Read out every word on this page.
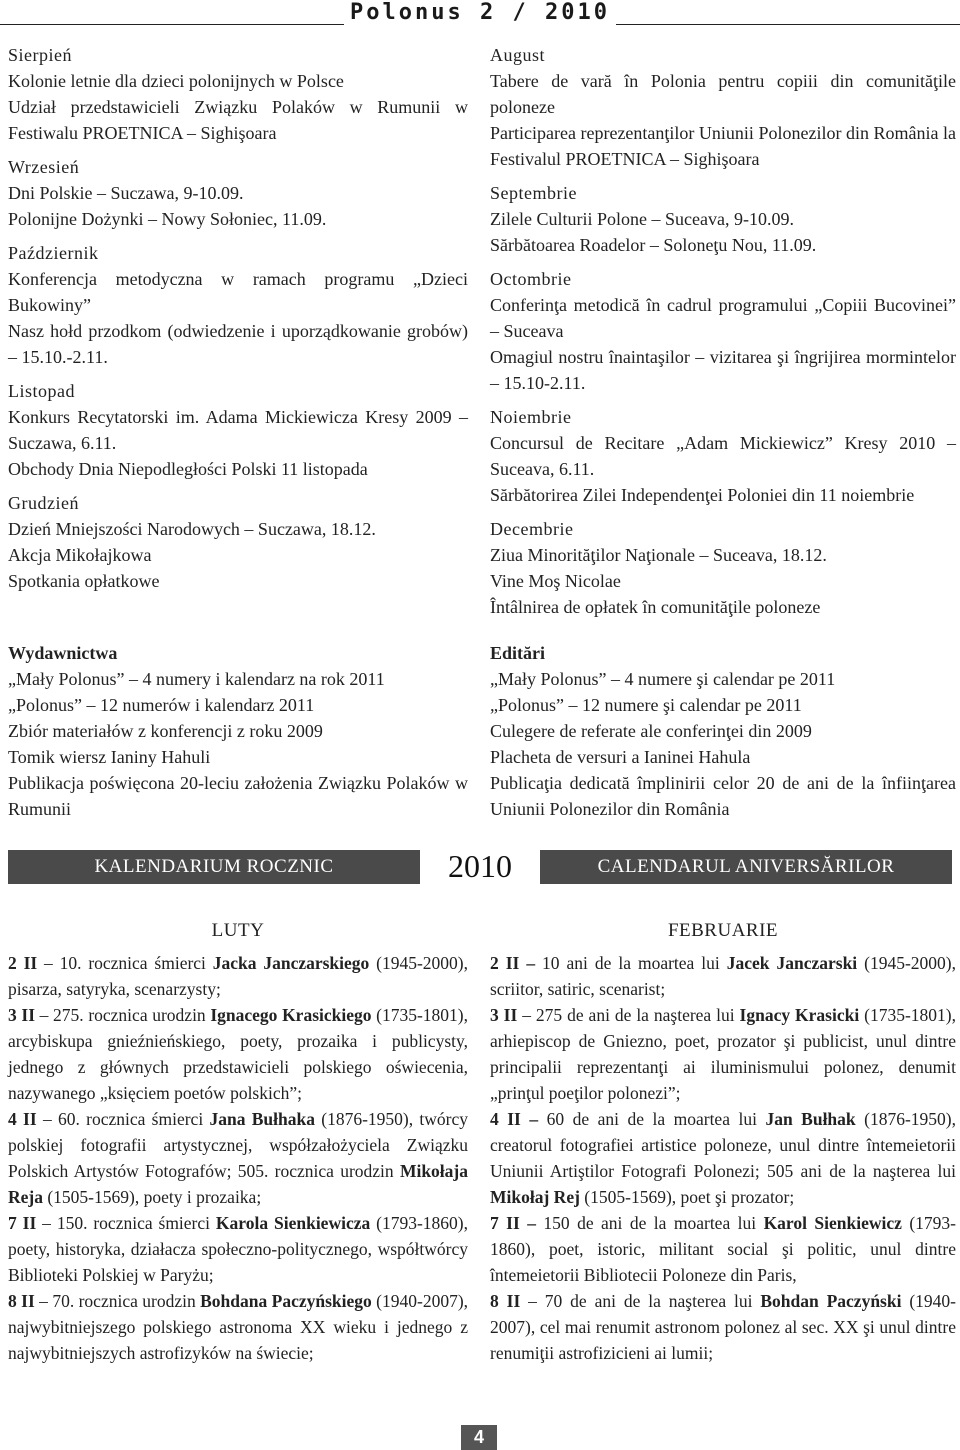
Polonus 2 / 2010
Sierpień
Kolonie letnie dla dzieci polonijnych w Polsce
Udział przedstawicieli Związku Polaków w Rumunii w Festiwalu PROETNICA – Sighişoara
Wrzesień
Dni Polskie – Suczawa, 9-10.09.
Polonijne Dożynki – Nowy Sołoniec, 11.09.
Październik
Konferencja metodyczna w ramach programu „Dzieci Bukowiny”
Nasz hołd przodkom (odwiedzenie i uporządkowanie grobów) – 15.10.-2.11.
Listopad
Konkurs Recytatorski im. Adama Mickiewicza Kresy 2009 – Suczawa, 6.11.
Obchody Dnia Niepodległości Polski 11 listopada
Grudzień
Dzień Mniejszości Narodowych – Suczawa, 18.12.
Akcja Mikołajkowa
Spotkania opłatkowe
August
Tabere de vară în Polonia pentru copiii din comunităţile poloneze
Participarea reprezentanţilor Uniunii Polonezilor din România la Festivalul PROETNICA – Sighişoara
Septembrie
Zilele Culturii Polone – Suceava, 9-10.09.
Sărbătoarea Roadelor – Soloneţu Nou, 11.09.
Octombrie
Conferinţa metodică în cadrul programului „Copiii Bucovinei” – Suceava
Omagiul nostru înaintaşilor – vizitarea şi îngrijirea mormintelor – 15.10-2.11.
Noiembrie
Concursul de Recitare „Adam Mickiewicz” Kresy 2010 – Suceava, 6.11.
Sărbătorirea Zilei Independenţei Poloniei din 11 noiembrie
Decembrie
Ziua Minorităţilor Naţionale – Suceava, 18.12.
Vine Moş Nicolae
Întâlnirea de opłatek în comunităţile poloneze
Wydawnictwa
„Mały Polonus” – 4 numery i kalendarz na rok 2011
„Polonus” – 12 numerów i kalendarz 2011
Zbiór materiałów z konferencji z roku 2009
Tomik wiersz Ianiny Hahuli
Publikacja poświęcona 20-leciu założenia Związku Polaków w Rumunii
Editări
„Mały Polonus” – 4 numere şi calendar pe 2011
„Polonus” – 12 numere şi calendar pe 2011
Culegere de referate ale conferinţei din 2009
Placheta de versuri a Ianinei Hahula
Publicaţia dedicată împlinirii celor 20 de ani de la înfiinţarea Uniunii Polonezilor din România
KALENDARIUM ROCZNIC	2010	CALENDARUL ANIVERSĂRILOR
LUTY
2 II – 10. rocznica śmierci Jacka Janczarskiego (1945-2000), pisarza, satyryka, scenarzysty;
3 II – 275. rocznica urodzin Ignacego Krasickiego (1735-1801), arcybiskupa gnieźnieńskiego, poety, prozaika i publicysty, jednego z głównych przedstawicieli polskiego oświecenia, nazywanego „księciem poetów polskich”;
4 II – 60. rocznica śmierci Jana Bułhaka (1876-1950), twórcy polskiej fotografii artystycznej, współzałożyciela Związku Polskich Artystów Fotografów; 505. rocznica urodzin Mikołaja Reja (1505-1569), poety i prozaika;
7 II – 150. rocznica śmierci Karola Sienkiewicza (1793-1860), poety, historyka, działacza społeczno-politycznego, współtwórcy Biblioteki Polskiej w Paryżu;
8 II – 70. rocznica urodzin Bohdana Paczyńskiego (1940-2007), najwybitniejszego polskiego astronoma XX wieku i jednego z najwybitniejszych astrofizyków na świecie;
FEBRUARIE
2 II – 10 ani de la moartea lui Jacek Janczarski (1945-2000), scriitor, satiric, scenarist;
3 II – 275 de ani de la naşterea lui Ignacy Krasicki (1735-1801), arhiepiscop de Gniezno, poet, prozator şi publicist, unul dintre principalii reprezentanţi ai iluminismului polonez, denumit „prinţul poeţilor polonezi”;
4 II – 60 de ani de la moartea lui Jan Bułhak (1876-1950), creatorul fotografiei artistice poloneze, unul dintre întemeietorii Uniunii Artiştilor Fotografi Polonezi; 505 ani de la naşterea lui Mikołaj Rej (1505-1569), poet şi prozator;
7 II – 150 de ani de la moartea lui Karol Sienkiewicz (1793-1860), poet, istoric, militant social şi politic, unul dintre întemeietorii Bibliotecii Poloneze din Paris,
8 II – 70 de ani de la naşterea lui Bohdan Paczyński (1940-2007), cel mai renumit astronom polonez al sec. XX şi unul dintre renumiţii astrofizicieni ai lumii;
4
